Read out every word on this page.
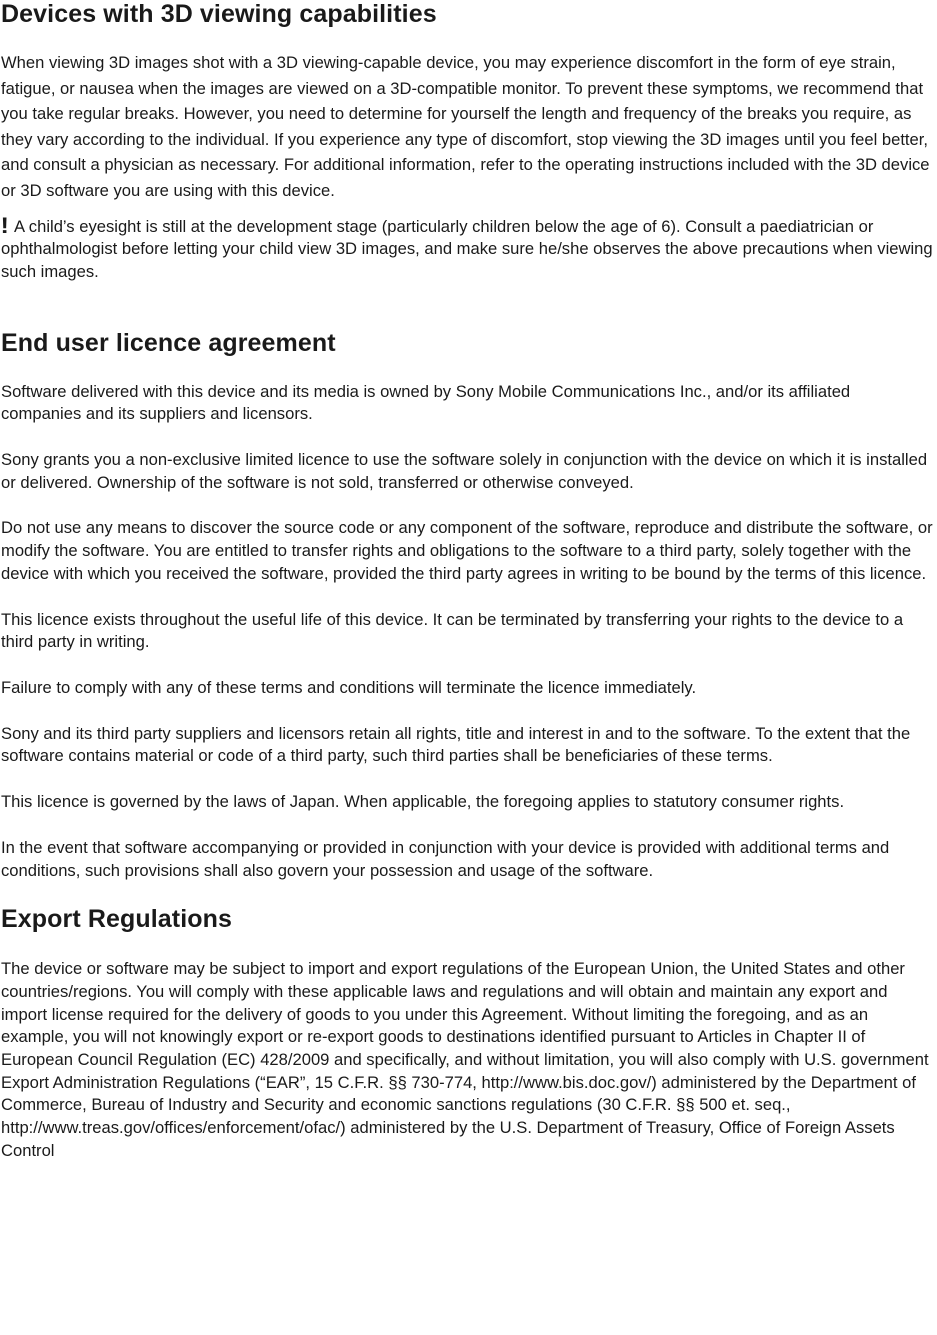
Devices with 3D viewing capabilities

When viewing 3D images shot with a 3D viewing-capable device, you may experience discomfort in the form of eye strain, fatigue, or nausea when the images are viewed on a 3D-compatible monitor. To prevent these symptoms, we recommend that you take regular breaks. However, you need to determine for yourself the length and frequency of the breaks you require, as they vary according to the individual. If you experience any type of discomfort, stop viewing the 3D images until you feel better, and consult a physician as necessary. For additional information, refer to the operating instructions included with the 3D device or 3D software you are using with this device.

! A child’s eyesight is still at the development stage (particularly children below the age of 6). Consult a paediatrician or ophthalmologist before letting your child view 3D images, and make sure he/she observes the above precautions when viewing such images.

End user licence agreement

Software delivered with this device and its media is owned by Sony Mobile Communications Inc., and/or its affiliated companies and its suppliers and licensors.

Sony grants you a non-exclusive limited licence to use the software solely in conjunction with the device on which it is installed or delivered. Ownership of the software is not sold, transferred or otherwise conveyed.

Do not use any means to discover the source code or any component of the software, reproduce and distribute the software, or modify the software. You are entitled to transfer rights and obligations to the software to a third party, solely together with the device with which you received the software, provided the third party agrees in writing to be bound by the terms of this licence.

This licence exists throughout the useful life of this device. It can be terminated by transferring your rights to the device to a third party in writing.

Failure to comply with any of these terms and conditions will terminate the licence immediately.

Sony and its third party suppliers and licensors retain all rights, title and interest in and to the software. To the extent that the software contains material or code of a third party, such third parties shall be beneficiaries of these terms.

This licence is governed by the laws of Japan. When applicable, the foregoing applies to statutory consumer rights.

In the event that software accompanying or provided in conjunction with your device is provided with additional terms and conditions, such provisions shall also govern your possession and usage of the software.

Export Regulations

The device or software may be subject to import and export regulations of the European Union, the United States and other countries/regions. You will comply with these applicable laws and regulations and will obtain and maintain any export and import license required for the delivery of goods to you under this Agreement. Without limiting the foregoing, and as an example, you will not knowingly export or re-export goods to destinations identified pursuant to Articles in Chapter II of European Council Regulation (EC) 428/2009 and specifically, and without limitation, you will also comply with U.S. government Export Administration Regulations (“EAR”, 15 C.F.R. §§ 730-774, http://www.bis.doc.gov/) administered by the Department of Commerce, Bureau of Industry and Security and economic sanctions regulations (30 C.F.R. §§ 500 et. seq., http://www.treas.gov/offices/enforcement/ofac/) administered by the U.S. Department of Treasury, Office of Foreign Assets Control
